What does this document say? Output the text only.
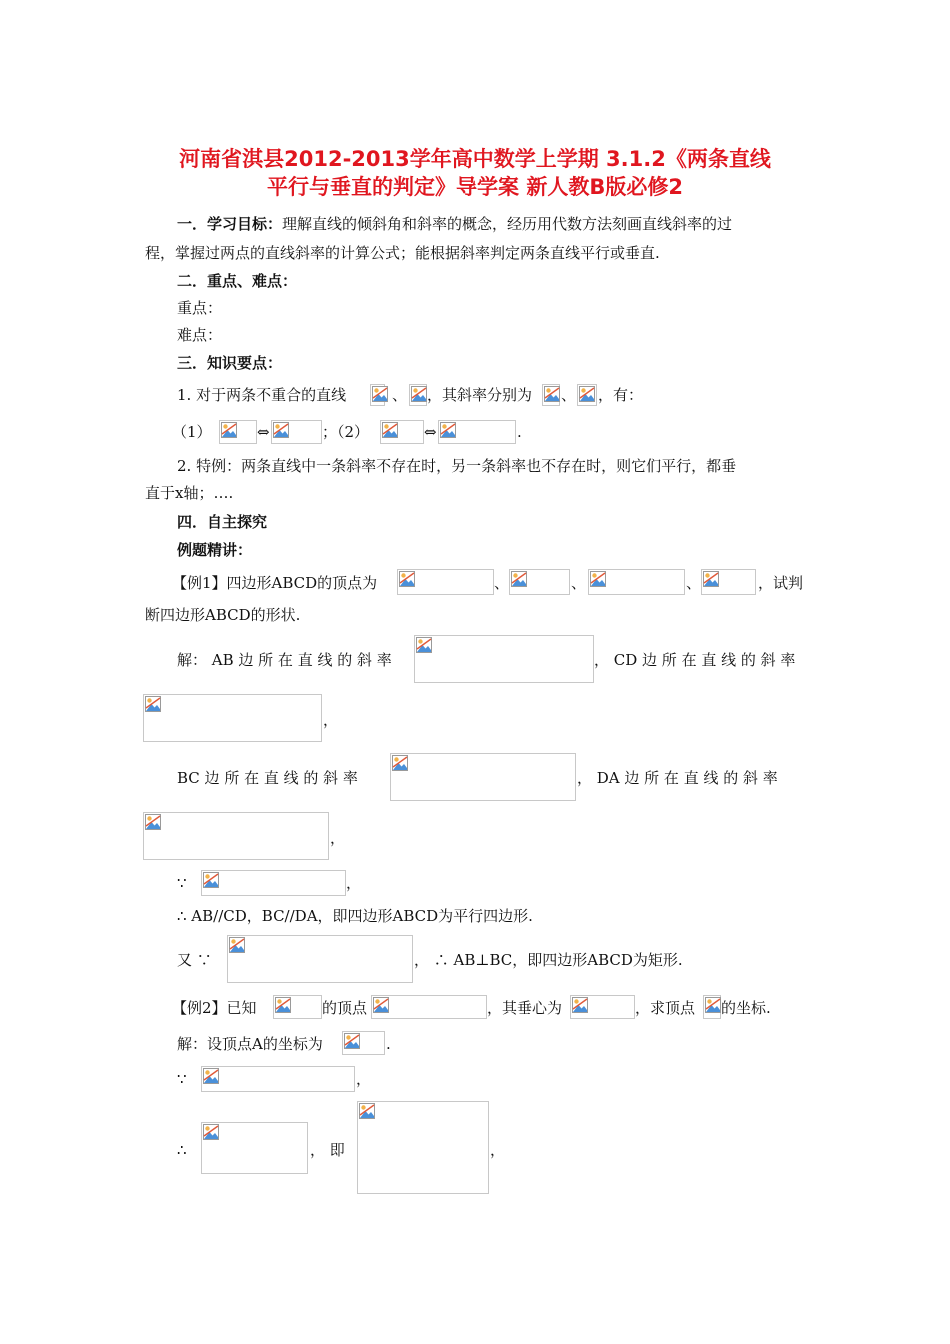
河南省淇县2012-2013学年高中数学上学期 3.1.2《两条直线
平行与垂直的判定》导学案 新人教B版必修2
一．学习目标：理解直线的倾斜角和斜率的概念，经历用代数方法刻画直线斜率的过
程，掌握过两点的直线斜率的计算公式；能根据斜率判定两条直线平行或垂直.
二．重点、难点：
重点：
难点：
三．知识要点：
1. 对于两条不重合的直线	、 ，其斜率分别为 、 ，有：
（1）	⇔	；（2）	⇔	.
2. 特例：两条直线中一条斜率不存在时，另一条斜率也不存在时，则它们平行，都垂
直于x轴；….
四．自主探究
例题精讲：
【例1】四边形ABCD的顶点为	、	、	、	，试判
断四边形ABCD的形状.
解： AB 边 所 在 直 线 的 斜 率	， CD 边 所 在 直 线 的 斜 率
，
BC 边 所 在 直 线 的 斜 率	， DA 边 所 在 直 线 的 斜 率
，
∵	，
∴ AB//CD，BC//DA，即四边形ABCD为平行四边形.
又 ∵	， ∴ AB⊥BC，即四边形ABCD为矩形.
【例2】已知	的顶点	，其垂心为	，求顶点 的坐标.
解：设顶点A的坐标为	.
∵	，
∴	， 即	，
